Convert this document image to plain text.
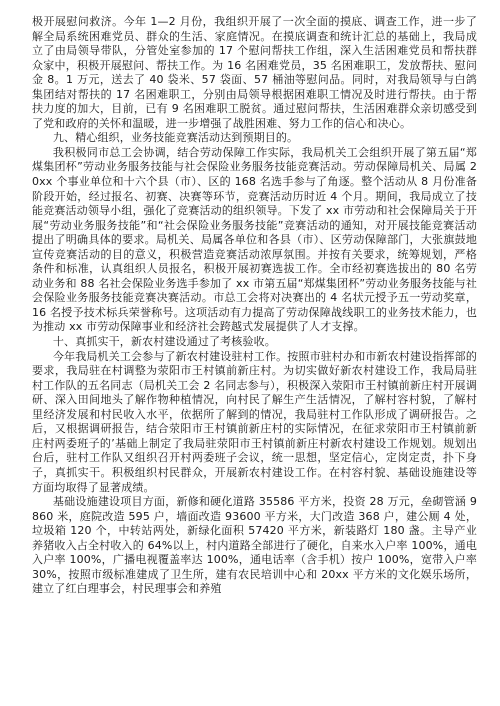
极开展慰问救济。今年 1—2 月份，我组织开展了一次全面的摸底、调查工作，进一步了解全局系统困难党员、群众的生活、家庭情况。在摸底调查和统计汇总的基础上，我局成立了由局领导带队，分管处室参加的 17 个慰问帮扶工作组，深入生活困难党员和帮扶群众家中，积极开展慰问、帮扶工作。为 16 名困难党员，35 名困难职工，发放帮扶、慰问金 8。1 万元，送去了 40 袋米、57 袋面、57 桶油等慰问品。同时，对我局领导与白鸽集团结对帮扶的 17 名困难职工，分别由局领导根据困难职工情况及时进行帮扶。由于帮扶力度的加大，目前，已有 9 名困难职工脱贫。通过慰问帮扶，生活困难群众亲切感受到了党和政府的关怀和温暖，进一步增强了战胜困难、努力工作的信心和决心。

九、精心组织，业务技能竞赛活动达到预期目的。

我积极同市总工会协调，结合劳动保障工作实际，我局机关工会组织开展了第五届“郑煤集团杯”劳动业务服务技能与社会保险业务服务技能竞赛活动。劳动保障局机关、局属 20xx 个事业单位和十六个县（市）、区的 168 名选手参与了角逐。整个活动从 8 月份准备阶段开始，经过报名、初赛、决赛等环节，竞赛活动历时近 4 个月。期间，我局成立了技能竞赛活动领导小组，强化了竞赛活动的组织领导。下发了 xx 市劳动和社会保障局关于开展“劳动业务服务技能”和“社会保险业务服务技能”竞赛活动的通知，对开展技能竞赛活动提出了明确具体的要求。局机关、局属各单位和各县（市）、区劳动保障部门，大张旗鼓地宣传竞赛活动的目的意义，积极营造竞赛活动浓厚氛围。并按有关要求，统筹规划，严格条件和标准，认真组织人员报名，积极开展初赛选拔工作。全市经初赛选拔出的 80 名劳动业务和 88 名社会保险业务选手参加了 xx 市第五届“郑煤集团杯”劳动业务服务技能与社会保险业务服务技能竞赛决赛活动。市总工会将对决赛出的 4 名状元授予五一劳动奖章，16 名授予技术标兵荣誉称号。这项活动有力提高了劳动保障战线职工的业务技术能力，也为推动 xx 市劳动保障事业和经济社会跨越式发展提供了人才支撑。

十、真抓实干，新农村建设通过了考核验收。

今年我局机关工会参与了新农村建设驻村工作。按照市驻村办和市新农村建设指挥部的要求，我局驻在村调整为荥阳市王村镇前新庄村。为切实做好新农村建设工作，我局局驻村工作队的五名同志（局机关工会 2 名同志参与），积极深入荥阳市王村镇前新庄村开展调研、深入田间地头了解作物种植情况，向村民了解生产生活情况，了解村容村貌，了解村里经济发展和村民收入水平，依据所了解到的情况，我局驻村工作队形成了调研报告。之后，又根据调研报告，结合荥阳市王村镇前新庄村的实际情况，在征求荥阳市王村镇前新庄村两委班子的’基础上制定了我局驻荥阳市王村镇前新庄村新农村建设工作规划。规划出台后，驻村工作队又组织召开村两委班子会议，统一思想，坚定信心，定岗定责，扑下身子，真抓实干。积极组织村民群众，开展新农村建设工作。在村容村貌、基础设施建设等方面均取得了显著成绩。

基础设施建设项目方面，新修和硬化道路 35586 平方米，投资 28 万元，垒砌管涵 9860 米，庭院改造 595 户，墙面改造 93600 平方米，大门改造 368 户，建公厕 4 处，垃圾箱 120 个，中转站两处，新绿化面积 57420 平方米，新装路灯 180 盏。主导产业养猪收入占全村收入的 64%以上，村内道路全部进行了硬化，自来水入户率 100%，通电入户率 100%，广播电视覆盖率达 100%，通电话率（含手机）按户 100%，宽带入户率 30%，按照市级标准建成了卫生所，建有农民培训中心和 20xx 平方米的文化娱乐场所，建立了红白理事会，村民理事会和养殖
